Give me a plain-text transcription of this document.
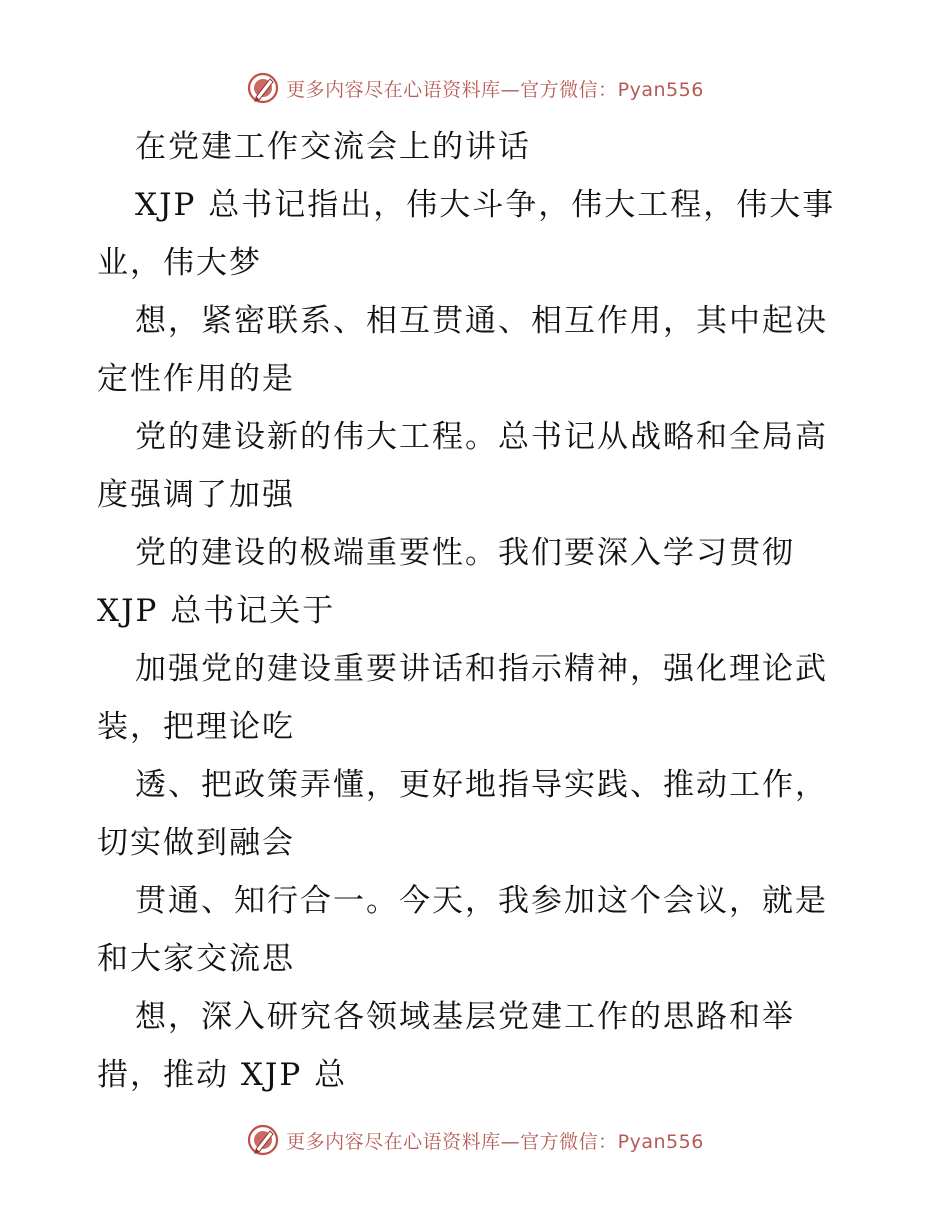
更多内容尽在心语资料库—官方微信：Pyan556
在党建工作交流会上的讲话
XJP 总书记指出，伟大斗争，伟大工程，伟大事
业，伟大梦
想，紧密联系、相互贯通、相互作用，其中起决
定性作用的是
党的建设新的伟大工程。总书记从战略和全局高
度强调了加强
党的建设的极端重要性。我们要深入学习贯彻
XJP 总书记关于
加强党的建设重要讲话和指示精神，强化理论武
装，把理论吃
透、把政策弄懂，更好地指导实践、推动工作，
切实做到融会
贯通、知行合一。今天，我参加这个会议，就是
和大家交流思
想，深入研究各领域基层党建工作的思路和举
措，推动 XJP 总
更多内容尽在心语资料库—官方微信：Pyan556
